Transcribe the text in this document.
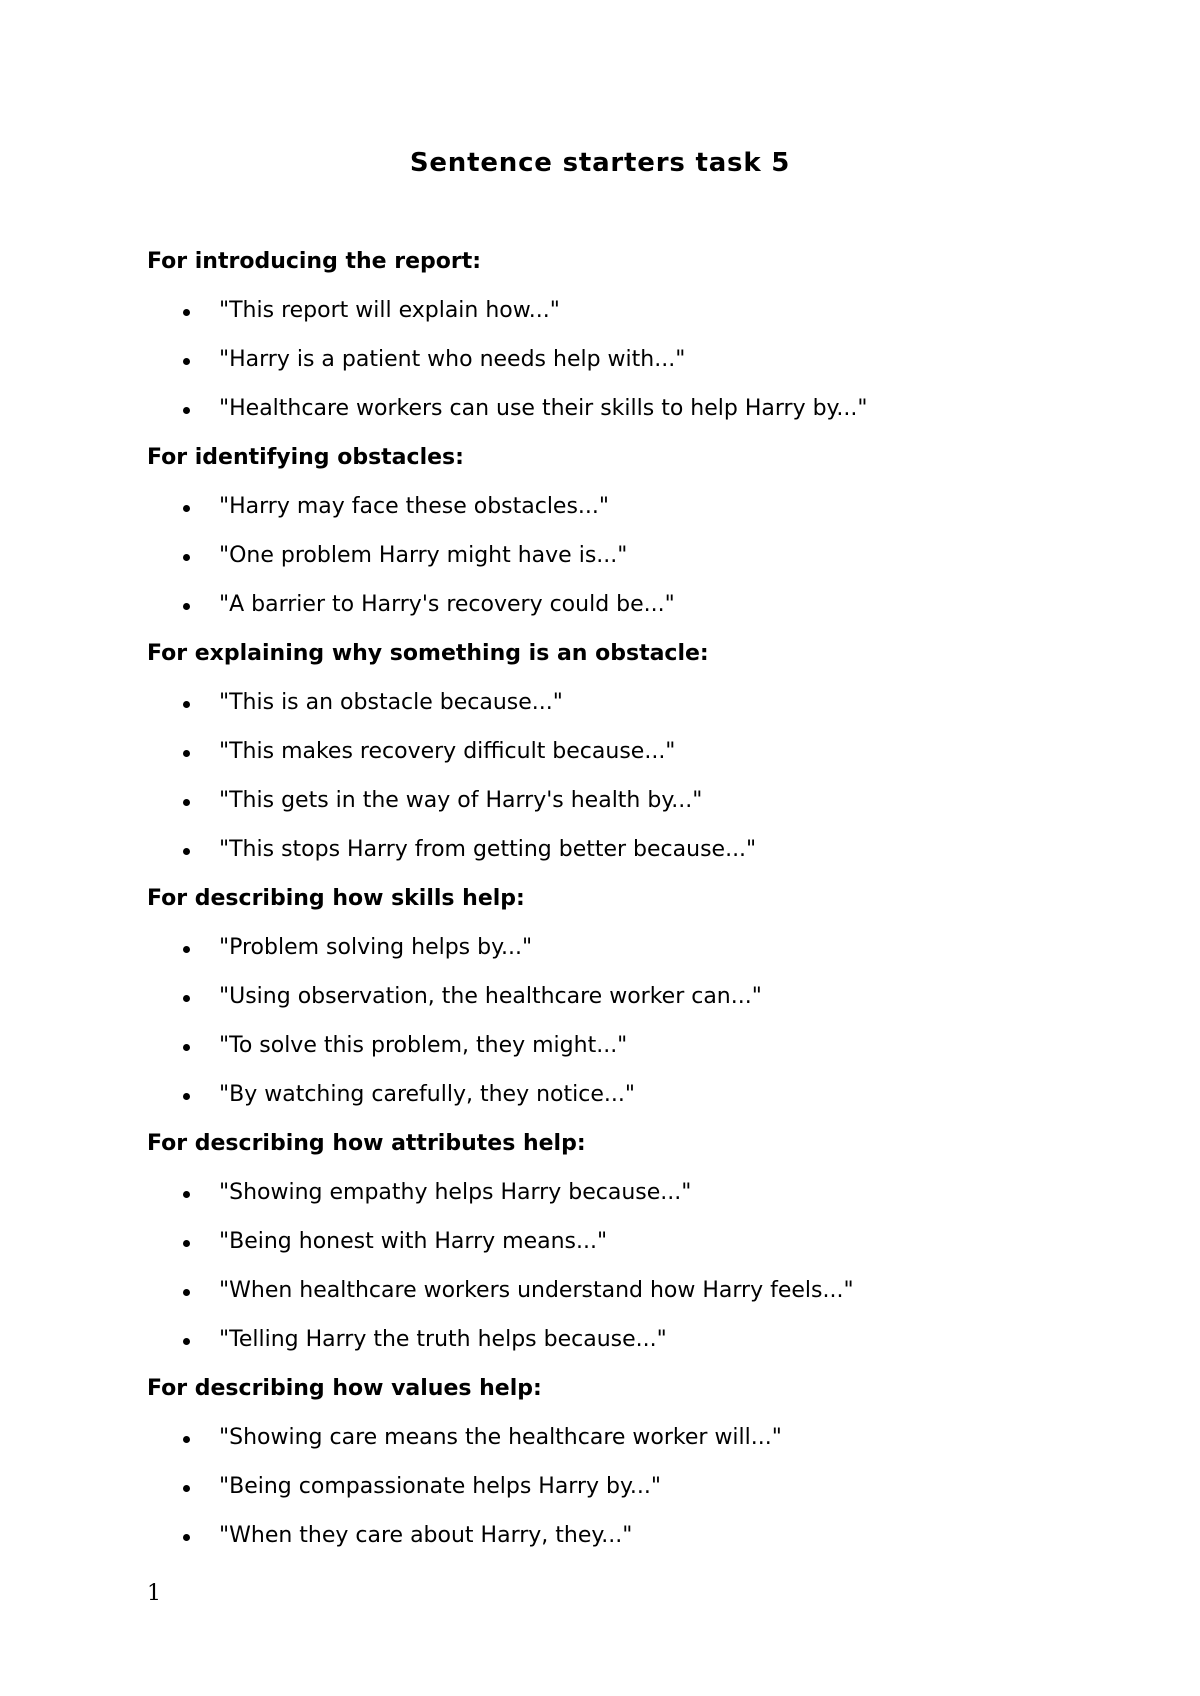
Sentence starters task 5
For introducing the report:
"This report will explain how..."
"Harry is a patient who needs help with..."
"Healthcare workers can use their skills to help Harry by..."
For identifying obstacles:
"Harry may face these obstacles..."
"One problem Harry might have is..."
"A barrier to Harry's recovery could be..."
For explaining why something is an obstacle:
"This is an obstacle because..."
"This makes recovery difficult because..."
"This gets in the way of Harry's health by..."
"This stops Harry from getting better because..."
For describing how skills help:
"Problem solving helps by..."
"Using observation, the healthcare worker can..."
"To solve this problem, they might..."
"By watching carefully, they notice..."
For describing how attributes help:
"Showing empathy helps Harry because..."
"Being honest with Harry means..."
"When healthcare workers understand how Harry feels..."
"Telling Harry the truth helps because..."
For describing how values help:
"Showing care means the healthcare worker will..."
"Being compassionate helps Harry by..."
"When they care about Harry, they..."
1
